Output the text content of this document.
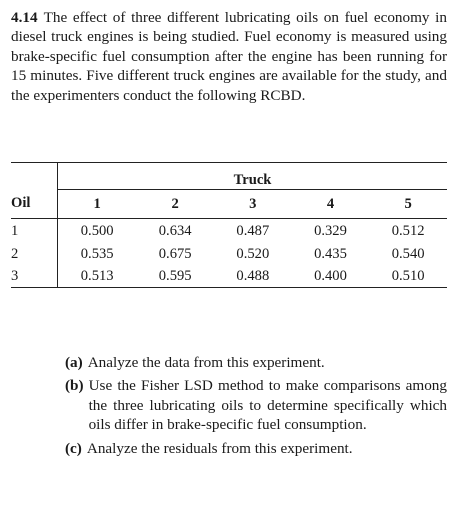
4.14 The effect of three different lubricating oils on fuel economy in diesel truck engines is being studied. Fuel economy is measured using brake-specific fuel consumption after the engine has been running for 15 minutes. Five different truck engines are available for the study, and the experimenters conduct the following RCBD.
	Truck				
Oil	1	2	3	4	5
1	0.500	0.634	0.487	0.329	0.512
2	0.535	0.675	0.520	0.435	0.540
3	0.513	0.595	0.488	0.400	0.510
(a) Analyze the data from this experiment.
(b) Use the Fisher LSD method to make comparisons among the three lubricating oils to determine specifically which oils differ in brake-specific fuel consumption.
(c) Analyze the residuals from this experiment.
